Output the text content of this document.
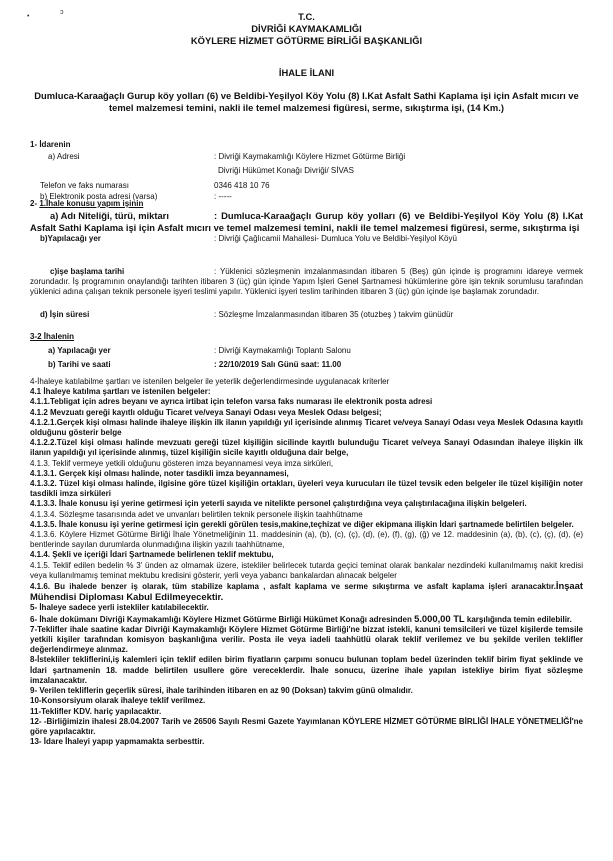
•
ɔ	T.C.

DİVRİĞİ KAYMAKAMLIĞI

KÖYLERE HİZMET GÖTÜRME BİRLİĞİ BAŞKANLIĞI

İHALE İLANI
Dumluca-Karaağaçlı Gurup köy yolları (6) ve Beldibi-Yeşilyol Köy Yolu (8) I.Kat Asfalt Sathi Kaplama işi için Asfalt mıcırı ve temel malzemesi temini, nakli ile temel malzemesi figüresi, serme, sıkıştırma işi, (14 Km.)

1- İdarenin

a) Adresi	: Divriği Kaymakamlığı Köylere Hizmet Götürme Birliği
Divriği Hükümet Konağı Divriği/ SİVAS
Telefon ve faks numarası	0346 418 10 76
b) Elektronik posta adresi (varsa)	: -----

2- 1.İhale konusu yapım işinin

a) Adı Niteliği, türü, miktarı	: Dumluca-Karaağaçlı Gurup köy yolları (6) ve Beldibi-Yeşilyol Köy Yolu (8) I.Kat Asfalt Sathi Kaplama işi için Asfalt mıcırı ve temel malzemesi temini, nakli ile temel malzemesi figüresi, serme, sıkıştırma işi

b)Yapılacağı yer	: Divriği Çağlıcamii Mahallesi- Dumluca Yolu ve Beldibi-Yeşilyol Köyü

c)işe başlama tarihi	: Yüklenici sözleşmenin imzalanmasından itibaren 5 (Beş) gün içinde iş programını idareye vermek zorundadır. İş programının onaylandığı tarihten itibaren 3 (üç) gün içinde Yapım İşleri Genel Şartnamesi hükümlerine göre işin teknik sorumlusu tarafından yüklenici adına çalışan teknik personele işyeri teslimi yapılır. Yüklenici işyeri teslim tarihinden itibaren 3 (üç) gün içinde işe başlamak zorundadır.

d) İşin süresi	: Sözleşme İmzalanmasından itibaren 35 (otuzbeş ) takvim günüdür

3-2 İhalenin

a) Yapılacağı yer	: Divriği Kaymakamlığı Toplantı Salonu
b) Tarihi ve saati	: 22/10/2019 Salı Günü saat: 11.00

4-İhaleye katılabilme şartları ve istenilen belgeler ile yeterlik değerlendirmesinde uygulanacak kriterler

4.1 İhaleye katılma şartları ve istenilen belgeler:

4.1.1.Tebligat için adres beyanı ve ayrıca irtibat için telefon varsa faks numarası ile elektronik posta adresi

4.1.2 Mevzuatı gereği kayıtlı olduğu Ticaret ve/veya Sanayi Odası veya Meslek Odası belgesi;

4.1.2.1.Gerçek kişi olması halinde ihaleye ilişkin ilk ilanın yapıldığı yıl içerisinde alınmış Ticaret ve/veya Sanayi Odası veya Meslek Odasına kayıtlı olduğunu gösterir belge

4.1.2.2.Tüzel kişi olması halinde mevzuatı gereği tüzel kişiliğin sicilinde kayıtlı bulunduğu Ticaret ve/veya Sanayi Odasından ihaleye ilişkin ilk ilanın yapıldığı yıl içerisinde alınmış, tüzel kişiliğin sicile kayıtlı olduğuna dair belge,

4.1.3. Teklif vermeye yetkili olduğunu gösteren imza beyannamesi veya imza sirküleri,

4.1.3.1. Gerçek kişi olması halinde, noter tasdikli imza beyannamesi,

4.1.3.2. Tüzel kişi olması halinde, ilgisine göre tüzel kişiliğin ortakları, üyeleri veya kurucuları ile tüzel tevsik eden belgeler ile tüzel kişiliğin noter tasdikli imza sirküleri

4.1.3.3. İhale konusu işi yerine getirmesi için yeterli sayıda ve nitelikte personel çalıştırdığına veya çalıştırılacağına ilişkin belgeleri.

4.1.3.4. Sözleşme tasarısında adet ve unvanları belirtilen teknik personele ilişkin taahhütname

4.1.3.5. İhale konusu işi yerine getirmesi için gerekli görülen tesis,makine,teçhizat ve diğer ekipmana ilişkin İdari şartnamede belirtilen belgeler.

4.1.3.6. Köylere Hizmet Götürme Birliği İhale Yönetmeliğinin 11. maddesinin (a), (b), (c), (ç), (d), (e), (f), (g), (ğ) ve 12. maddesinin (a), (b), (c), (ç), (d), (e) bentlerinde sayılan durumlarda olunmadığına ilişkin yazılı taahhütname,

4.1.4. Şekli ve içeriği İdari Şartnamede belirlenen teklif mektubu,

4.1.5. Teklif edilen bedelin % 3' ünden az olmamak üzere, istekliler belirlecek tutarda geçici teminat olarak bankalar nezdindeki kullanılmamış nakit kredisi veya kullanılmamış teminat mektubu kredisini gösterir, yerli veya yabancı bankalardan alınacak belgeler

4.1.6. Bu ihalede benzer iş olarak, tüm stabilize kaplama , asfalt kaplama ve serme sıkıştırma ve asfalt kaplama işleri aranacaktır.İnşaat Mühendisi Diploması Kabul Edilmeyecektir.

5- İhaleye sadece yerli istekliler katılabilecektir.

6- İhale dokümanı Divriği Kaymakamlığı Köylere Hizmet Götürme Birliği Hükümet Konağı adresinden 5.000,00 TL karşılığında temin edilebilir.

7-Teklifler ihale saatine kadar Divriği Kaymakamlığı Köylere Hizmet Götürme Birliği'ne bizzat istekli, kanuni temsilcileri ve tüzel kişilerde temsile yetkili kişiler tarafından komisyon başkanlığına verilir. Posta ile veya iadeli taahhütlü olarak teklif verilemez ve bu şekilde verilen teklifler değerlendirmeye alınmaz.

8-İstekliler tekliflerini,iş kalemleri için teklif edilen birim fiyatların çarpımı sonucu bulunan toplam bedel üzerinden teklif birim fiyat şeklinde ve İdari şartnamenin 18. madde belirtilen usullere göre vereceklerdir. İhale sonucu, üzerine ihale yapılan istekliye birim fiyat sözleşme imzalanacaktır.

9- Verilen tekliflerin geçerlik süresi, ihale tarihinden itibaren en az 90 (Doksan) takvim günü olmalıdır.

10-Konsorsiyum olarak ihaleye teklif verilmez.

11-Teklifler KDV. hariç yapılacaktır.

12- -Birliğimizin ihalesi 28.04.2007 Tarih ve 26506 Sayılı Resmi Gazete Yayımlanan KÖYLERE HİZMET GÖTÜRME BİRLİĞİ İHALE YÖNETMELİĞİ'ne göre yapılacaktır.

13- İdare İhaleyi yapıp yapmamakta serbesttir.
